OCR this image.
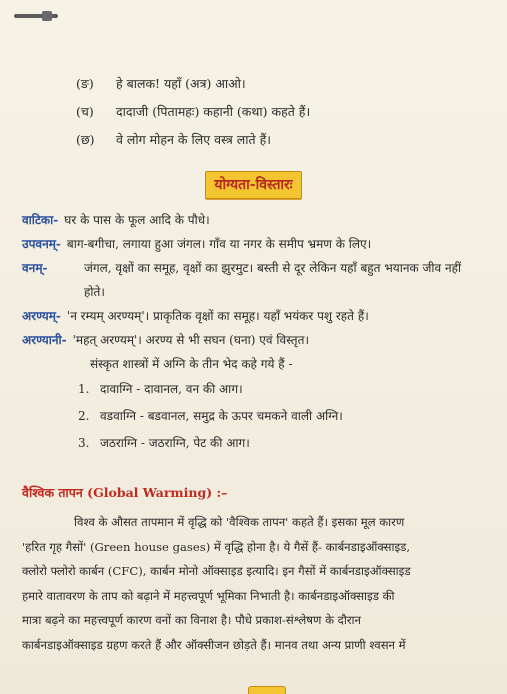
(ङ)	हे बालक! यहाँ (अत्र) आओ।
(च)	दादाजी (पितामहः) कहानी (कथा) कहते हैं।
(छ)	वे लोग मोहन के लिए वस्त्र लाते हैं।
योग्यता-विस्तारः
वाटिका- घर के पास के फूल आदि के पौधे।
उपवनम्- बाग-बगीचा, लगाया हुआ जंगल। गाँव या नगर के समीप भ्रमण के लिए।
वनम्-	जंगल, वृक्षों का समूह, वृक्षों का झुरमुट। बस्ती से दूर लेकिन यहाँ बहुत भयानक जीव नहीं होते।
अरण्यम्- 'न रम्यम् अरण्यम्'। प्राकृतिक वृक्षों का समूह। यहाँ भयंकर पशु रहते हैं।
अरण्यानी- 'महत् अरण्यम्'। अरण्य से भी सघन (घना) एवं विस्तृत।
संस्कृत शास्त्रों में अग्नि के तीन भेद कहे गये हैं -
1. दावाग्नि - दावानल, वन की आग।
2. वडवाग्नि - बडवानल, समुद्र के ऊपर चमकने वाली अग्नि।
3. जठराग्नि - जठराग्नि, पेट की आग।
वैश्विक तापन (Global Warming) :–
विश्व के औसत तापमान में वृद्धि को 'वैश्विक तापन' कहते हैं। इसका मूल कारण
'हरित गृह गैसों' (Green house gases) में वृद्धि होना है। ये गैसें हैं- कार्बनडाइऑक्साइड,
क्लोरो फ्लोरो कार्बन (CFC), कार्बन मोनो ऑक्साइड इत्यादि। इन गैसों में कार्बनडाइऑक्साइड
हमारे वातावरण के ताप को बढ़ाने में महत्त्वपूर्ण भूमिका निभाती है। कार्बनडाइऑक्साइड की
मात्रा बढ़ने का महत्त्वपूर्ण कारण वनों का विनाश है। पौधे प्रकाश-संश्लेषण के दौरान
कार्बनडाइऑक्साइड ग्रहण करते हैं और ऑक्सीजन छोड़ते हैं। मानव तथा अन्य प्राणी श्वसन में
